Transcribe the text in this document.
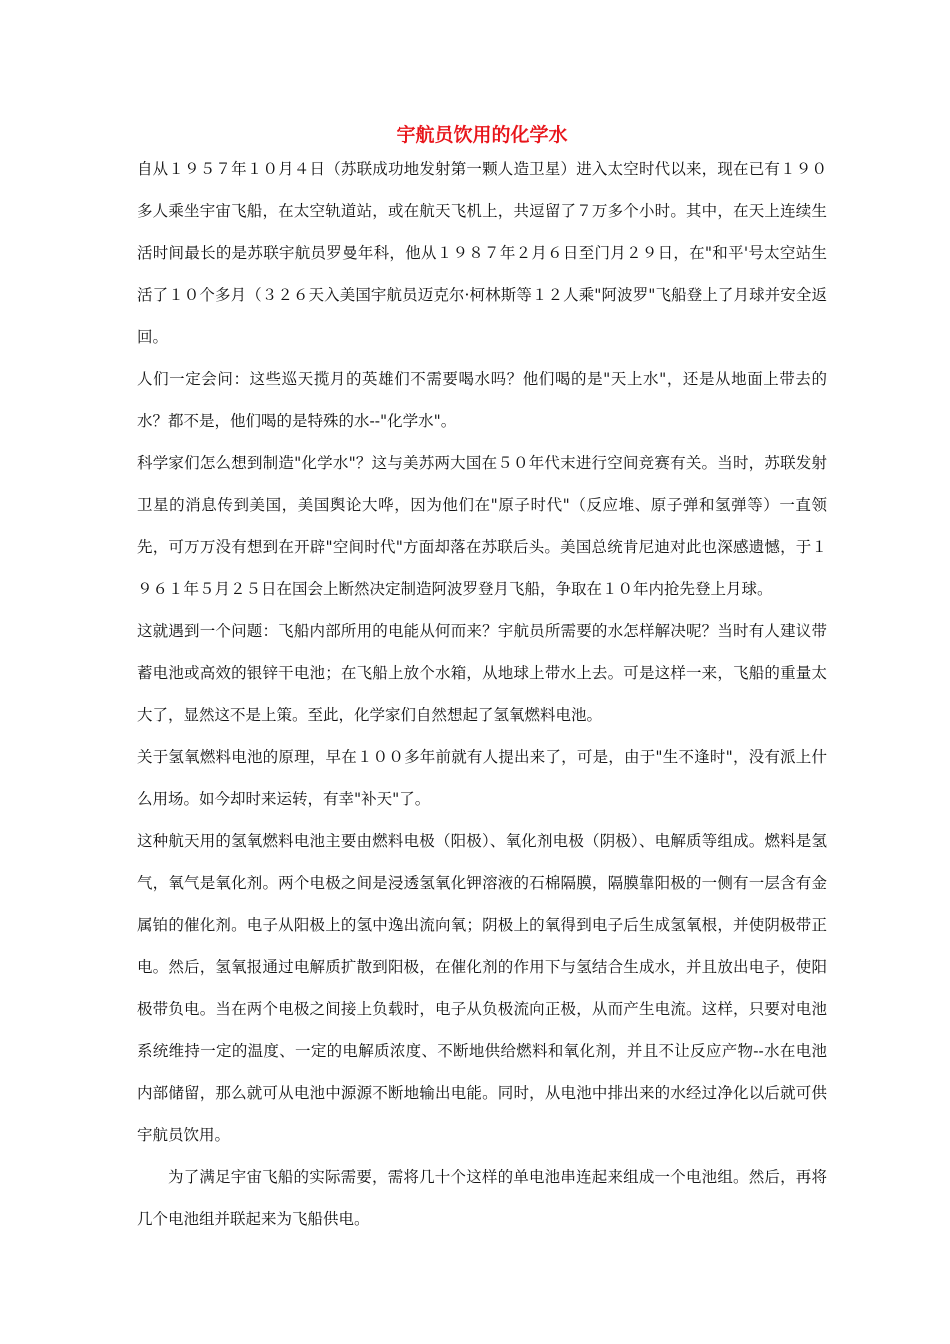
宇航员饮用的化学水

自从１９５７年１０月４日（苏联成功地发射第一颗人造卫星）进入太空时代以来，现在已有１９０多人乘坐宇宙飞船，在太空轨道站，或在航天飞机上，共逗留了７万多个小时。其中，在天上连续生活时间最长的是苏联宇航员罗曼年科，他从１９８７年２月６日至门月２９日，在"和平'号太空站生活了１０个多月（３２６天入美国宇航员迈克尔·柯林斯等１２人乘"阿波罗"飞船登上了月球并安全返回。

人们一定会问：这些巡天揽月的英雄们不需要喝水吗？他们喝的是"天上水"，还是从地面上带去的水？都不是，他们喝的是特殊的水--"化学水"。

科学家们怎么想到制造"化学水"？这与美苏两大国在５０年代末进行空间竞赛有关。当时，苏联发射卫星的消息传到美国，美国舆论大哗，因为他们在"原子时代"（反应堆、原子弹和氢弹等）一直领先，可万万没有想到在开辟"空间时代"方面却落在苏联后头。美国总统肯尼迪对此也深感遗憾，于１９６１年５月２５日在国会上断然决定制造阿波罗登月飞船，争取在１０年内抢先登上月球。

这就遇到一个问题：飞船内部所用的电能从何而来？宇航员所需要的水怎样解决呢？当时有人建议带蓄电池或高效的银锌干电池；在飞船上放个水箱，从地球上带水上去。可是这样一来，飞船的重量太大了，显然这不是上策。至此，化学家们自然想起了氢氧燃料电池。

关于氢氧燃料电池的原理，早在１００多年前就有人提出来了，可是，由于"生不逢时"，没有派上什么用场。如今却时来运转，有幸"补天"了。

这种航天用的氢氧燃料电池主要由燃料电极（阳极）、氧化剂电极（阴极）、电解质等组成。燃料是氢气，氧气是氧化剂。两个电极之间是浸透氢氧化钾溶液的石棉隔膜，隔膜靠阳极的一侧有一层含有金属铂的催化剂。电子从阳极上的氢中逸出流向氧；阴极上的氧得到电子后生成氢氧根，并使阴极带正电。然后，氢氧报通过电解质扩散到阳极，在催化剂的作用下与氢结合生成水，并且放出电子，使阳极带负电。当在两个电极之间接上负载时，电子从负极流向正极，从而产生电流。这样，只要对电池系统维持一定的温度、一定的电解质浓度、不断地供给燃料和氧化剂，并且不让反应产物--水在电池内部储留，那么就可从电池中源源不断地输出电能。同时，从电池中排出来的水经过净化以后就可供宇航员饮用。

为了满足宇宙飞船的实际需要，需将几十个这样的单电池串连起来组成一个电池组。然后，再将几个电池组并联起来为飞船供电。
